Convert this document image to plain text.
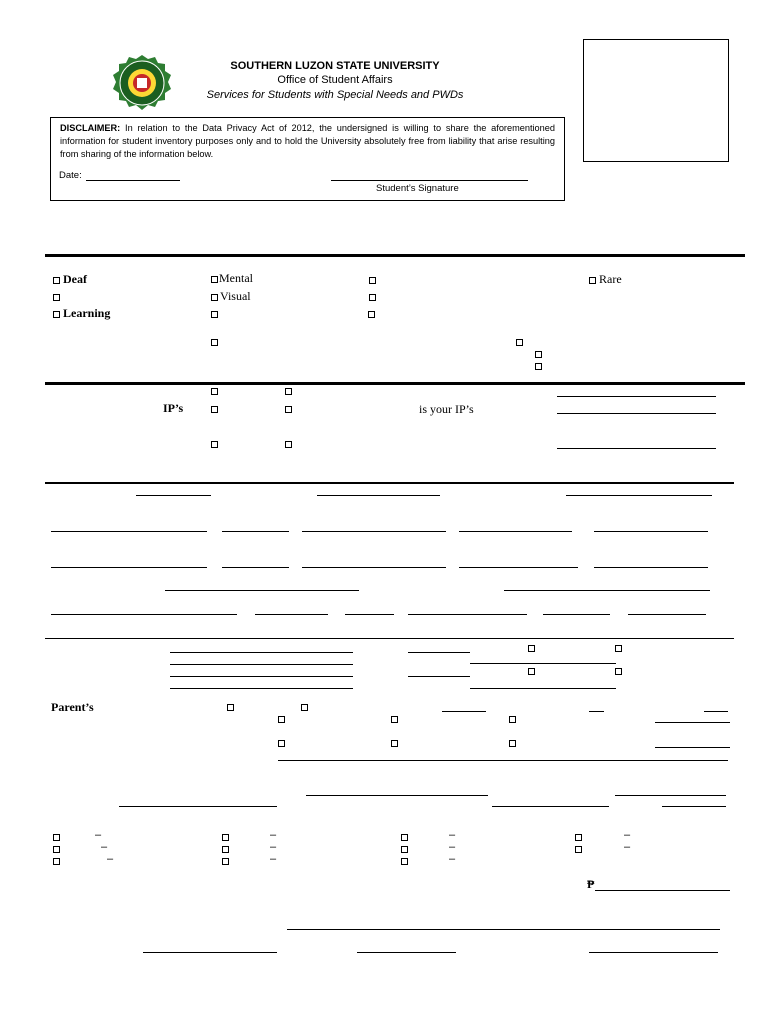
SOUTHERN LUZON STATE UNIVERSITY
Office of Student Affairs
Services for Students with Special Needs and PWDs
DISCLAIMER: In relation to the Data Privacy Act of 2012, the undersigned is willing to share the aforementioned information for student inventory purposes only and to hold the University absolutely free from liability that arise resulting from sharing of the information below.
Date:
Student’s Signature
Deaf
Learning
Mental
Visual
Rare
IP’s	is your IP’s
Parent’s
–
–
–
–
–
–
–
–
–
–
–
₱
